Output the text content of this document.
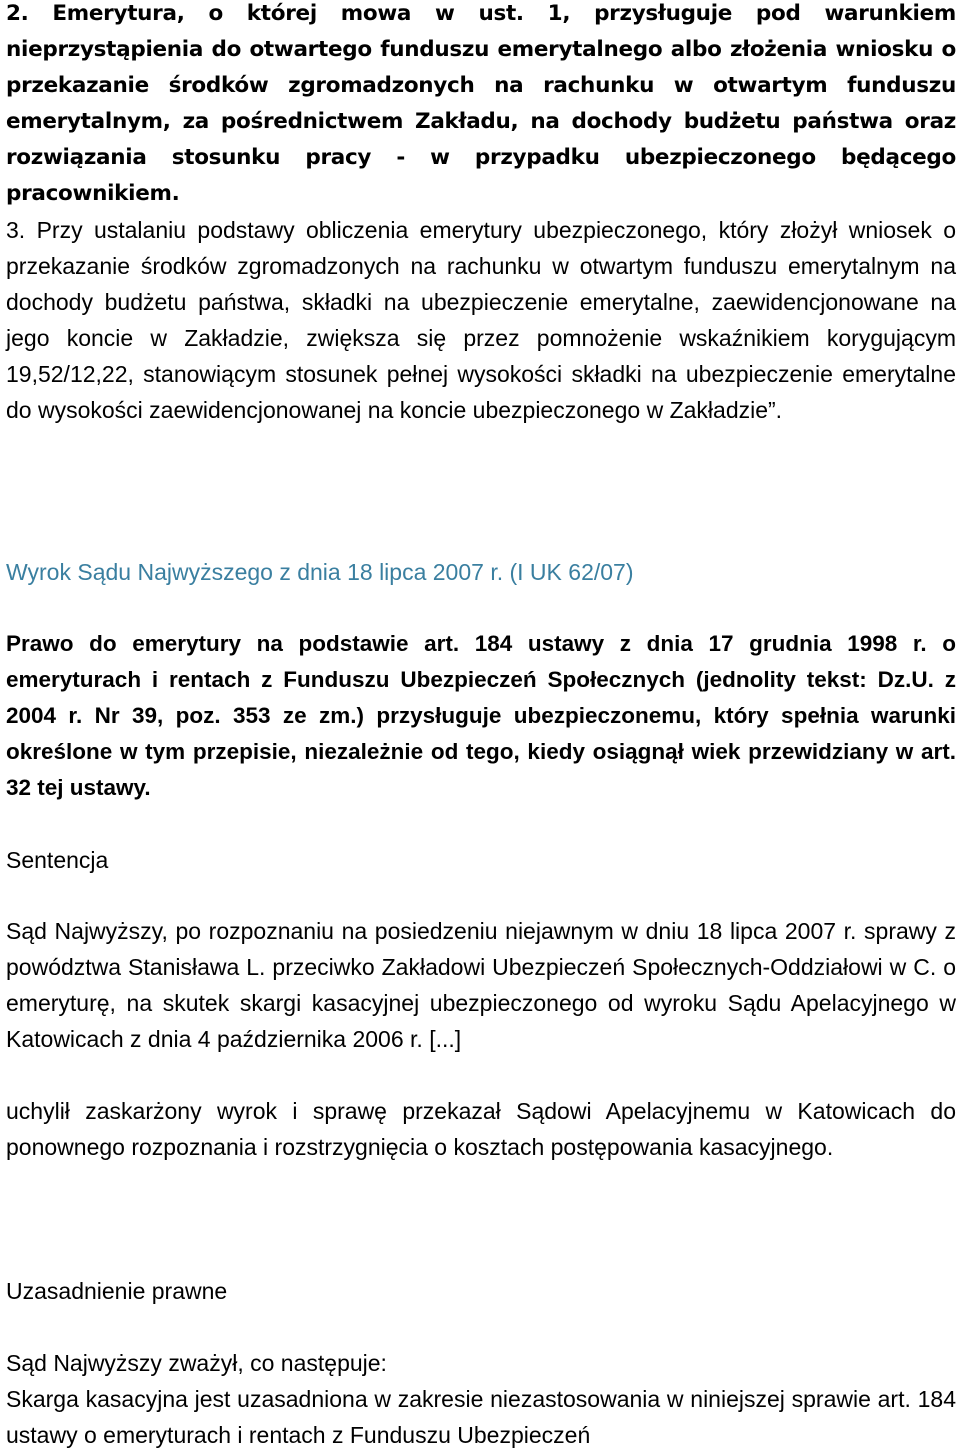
2. Emerytura, o której mowa w ust. 1, przysługuje pod warunkiem nieprzystąpienia do otwartego funduszu emerytalnego albo złożenia wniosku o przekazanie środków zgromadzonych na rachunku w otwartym funduszu emerytalnym, za pośrednictwem Zakładu, na dochody budżetu państwa oraz rozwiązania stosunku pracy - w przypadku ubezpieczonego będącego pracownikiem.

3. Przy ustalaniu podstawy obliczenia emerytury ubezpieczonego, który złożył wniosek o przekazanie środków zgromadzonych na rachunku w otwartym funduszu emerytalnym na dochody budżetu państwa, składki na ubezpieczenie emerytalne, zaewidencjonowane na jego koncie w Zakładzie, zwiększa się przez pomnożenie wskaźnikiem korygującym 19,52/12,22, stanowiącym stosunek pełnej wysokości składki na ubezpieczenie emerytalne do wysokości zaewidencjonowanej na koncie ubezpieczonego w Zakładzie”.

Wyrok Sądu Najwyższego z dnia 18 lipca 2007 r. (I UK 62/07)

Prawo do emerytury na podstawie art. 184 ustawy z dnia 17 grudnia 1998 r. o emeryturach i rentach z Funduszu Ubezpieczeń Społecznych (jednolity tekst: Dz.U. z 2004 r. Nr 39, poz. 353 ze zm.) przysługuje ubezpieczonemu, który spełnia warunki określone w tym przepisie, niezależnie od tego, kiedy osiągnął wiek przewidziany w art. 32 tej ustawy.

Sentencja

Sąd Najwyższy, po rozpoznaniu na posiedzeniu niejawnym w dniu 18 lipca 2007 r. sprawy z powództwa Stanisława L. przeciwko Zakładowi Ubezpieczeń Społecznych-Oddziałowi w C. o emeryturę, na skutek skargi kasacyjnej ubezpieczonego od wyroku Sądu Apelacyjnego w Katowicach z dnia 4 października 2006 r. [...]

uchylił zaskarżony wyrok i sprawę przekazał Sądowi Apelacyjnemu w Katowicach do ponownego rozpoznania i rozstrzygnięcia o kosztach postępowania kasacyjnego.

Uzasadnienie prawne

Sąd Najwyższy zważył, co następuje:

Skarga kasacyjna jest uzasadniona w zakresie niezastosowania w niniejszej sprawie art. 184 ustawy o emeryturach i rentach z Funduszu Ubezpieczeń
